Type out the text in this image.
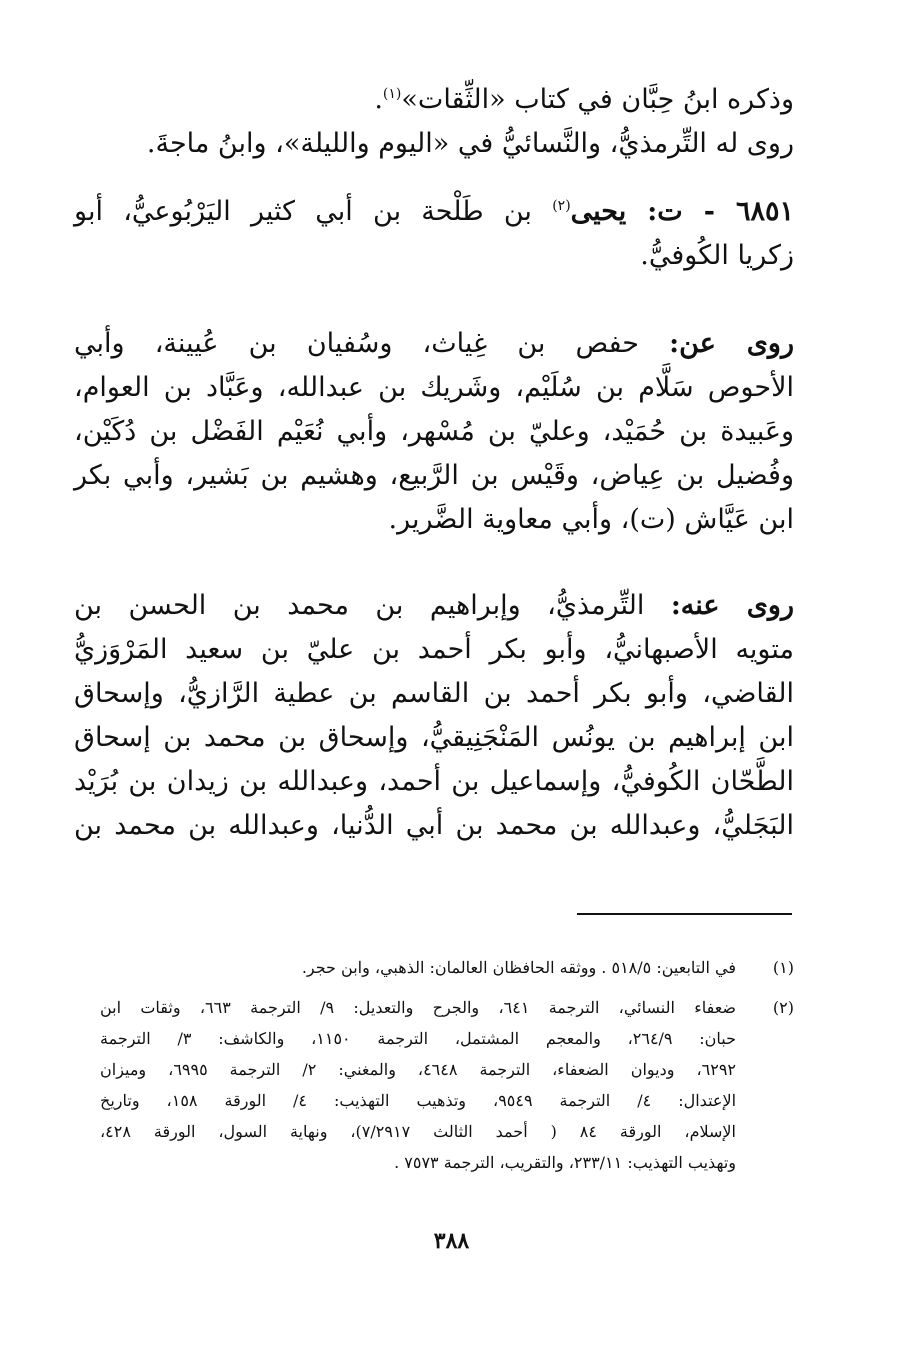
وذكره ابنُ حِبَّان في كتاب «الثِّقات»$^{(١)}$.
روى له التِّرمذيُّ، والنَّسائيُّ في «اليوم والليلة»، وابنُ ماجةَ.
٦٨٥١ - ت: يحيى$^{(٢)}$ بن طَلْحة بن أبي كثير اليَرْبُوعيُّ، أبو
زكريا الكُوفيُّ.
روى عن: حفص بن غِياث، وسُفيان بن عُيينة، وأبي
الأحوص سَلَّام بن سُلَيْم، وشَريك بن عبدالله، وعَبَّاد بن العوام،
وعَبيدة بن حُمَيْد، وعليّ بن مُسْهر، وأبي نُعَيْم الفَضْل بن دُكَيْن،
وفُضيل بن عِياض، وقَيْس بن الرَّبيع، وهشيم بن بَشير، وأبي بكر
ابن عَيَّاش (ت)، وأبي معاوية الضَّرير.
روى عنه: التِّرمذيُّ، وإبراهيم بن محمد بن الحسن بن
متويه الأصبهانيُّ، وأبو بكر أحمد بن عليّ بن سعيد المَرْوَزيُّ
القاضي، وأبو بكر أحمد بن القاسم بن عطية الرَّازيُّ، وإسحاق
ابن إبراهيم بن يونُس المَنْجَنِيقيُّ، وإسحاق بن محمد بن إسحاق
الطَّحّان الكُوفيُّ، وإسماعيل بن أحمد، وعبدالله بن زيدان بن بُرَيْد
البَجَليُّ، وعبدالله بن محمد بن أبي الدُّنيا، وعبدالله بن محمد بن
(١)
في التابعين: ٥١٨/٥ . ووثقه الحافظان العالمان: الذهبي، وابن حجر.
(٢)
ضعفاء النسائي، الترجمة ٦٤١، والجرح والتعديل: ٩/ الترجمة ٦٦٣، وثقات ابن
حبان: ٢٦٤/٩، والمعجم المشتمل، الترجمة ١١٥٠، والكاشف: ٣/ الترجمة
٦٢٩٢، وديوان الضعفاء، الترجمة ٤٦٤٨، والمغني: ٢/ الترجمة ٦٩٩٥، وميزان
الإعتدال: ٤/ الترجمة ٩٥٤٩، وتذهيب التهذيب: ٤/ الورقة ١٥٨، وتاريخ
الإسلام، الورقة ٨٤ ( أحمد الثالث ٧/٢٩١٧)، ونهاية السول، الورقة ٤٢٨،
وتهذيب التهذيب: ٢٣٣/١١، والتقريب، الترجمة ٧٥٧٣ .
٣٨٨
